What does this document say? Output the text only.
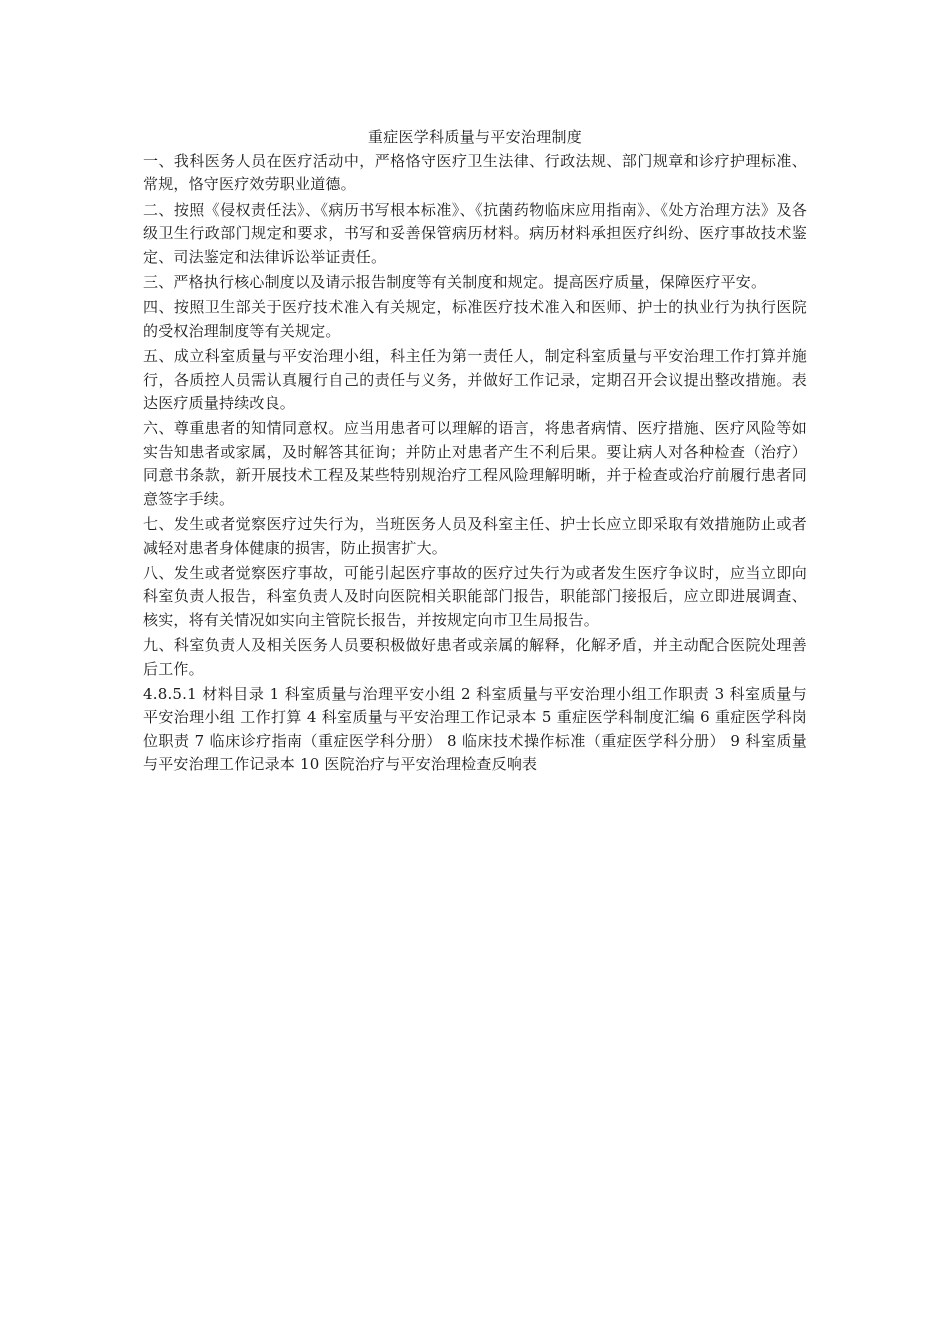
重症医学科质量与平安治理制度

一、我科医务人员在医疗活动中，严格恪守医疗卫生法律、行政法规、部门规章和诊疗护理标准、常规，恪守医疗效劳职业道德。

二、按照《侵权责任法》、《病历书写根本标准》、《抗菌药物临床应用指南》、《处方治理方法》及各级卫生行政部门规定和要求，书写和妥善保管病历材料。病历材料承担医疗纠纷、医疗事故技术鉴定、司法鉴定和法律诉讼举证责任。

三、严格执行核心制度以及请示报告制度等有关制度和规定。提高医疗质量，保障医疗平安。

四、按照卫生部关于医疗技术准入有关规定，标准医疗技术准入和医师、护士的执业行为执行医院的受权治理制度等有关规定。

五、成立科室质量与平安治理小组，科主任为第一责任人，制定科室质量与平安治理工作打算并施行，各质控人员需认真履行自己的责任与义务，并做好工作记录，定期召开会议提出整改措施。表达医疗质量持续改良。

六、尊重患者的知情同意权。应当用患者可以理解的语言，将患者病情、医疗措施、医疗风险等如实告知患者或家属，及时解答其征询；并防止对患者产生不利后果。要让病人对各种检查（治疗）同意书条款，新开展技术工程及某些特别规治疗工程风险理解明晰，并于检查或治疗前履行患者同意签字手续。

七、发生或者觉察医疗过失行为，当班医务人员及科室主任、护士长应立即采取有效措施防止或者减轻对患者身体健康的损害，防止损害扩大。

八、发生或者觉察医疗事故，可能引起医疗事故的医疗过失行为或者发生医疗争议时，应当立即向科室负责人报告，科室负责人及时向医院相关职能部门报告，职能部门接报后，应立即进展调查、核实，将有关情况如实向主管院长报告，并按规定向市卫生局报告。

九、科室负责人及相关医务人员要积极做好患者或亲属的解释，化解矛盾，并主动配合医院处理善后工作。

4.8.5.1 材料目录 1 科室质量与治理平安小组 2 科室质量与平安治理小组工作职责 3 科室质量与平安治理小组 工作打算 4 科室质量与平安治理工作记录本 5 重症医学科制度汇编 6 重症医学科岗位职责 7 临床诊疗指南（重症医学科分册） 8 临床技术操作标准（重症医学科分册） 9 科室质量与平安治理工作记录本 10 医院治疗与平安治理检查反响表
